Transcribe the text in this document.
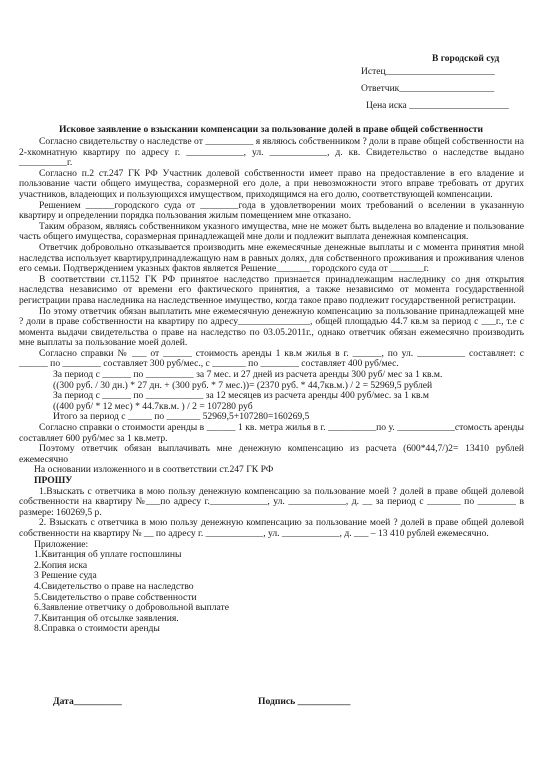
В городской суд
Истец_______________________
Ответчик____________________
Цена иска _____________________
Исковое заявление о взыскании компенсации за пользование долей в праве общей собственности

Согласно свидетельству о наследстве от __________ я являюсь собственником ? доли в праве общей собственности на 2-хкомнатную квартиру по адресу г. ____________, ул. ____________, д. кв. Свидетельство о наследстве выдано __________г.

Согласно п.2 ст.247 ГК РФ Участник долевой собственности имеет право на предоставление в его владение и пользование части общего имущества, соразмерной его доле, а при невозможности этого вправе требовать от других участников, владеющих и пользующихся имуществом, приходящимся на его долю, соответствующей компенсации.

Решением ______городского суда от ________года в удовлетворении моих требований о вселении в указанную квартиру и определении порядка пользования жилым помещением мне отказано.

Таким образом, являясь собственником указного имущества, мне не может быть выделена во владение и пользование часть общего имущества, соразмерная принадлежащей мне доли и подлежит выплата денежная компенсация.

Ответчик добровольно отказывается производить мне ежемесячные денежные выплаты и с момента принятия мной наследства использует квартиру,принадлежащую нам в равных долях, для собственного проживания и проживания членов его семьи. Подтверждением указных фактов является Решение_______ городского суда от _______г.

В соответствии ст.1152 ГК РФ принятое наследство признается принадлежащим наследнику со дня открытия наследства независимо от времени его фактического принятия, а также независимо от момента государственной регистрации права наследника на наследственное имущество, когда такое право подлежит государственной регистрации.

По этому ответчик обязан выплатить мне ежемесячную денежную компенсацию за пользование принадлежащей мне ? доли в праве собственности на квартиру по адресу_______________, общей площадью 44.7 кв.м за период с ___г., т.е с момента выдачи свидетельства о праве на наследство по 03.05.2011г., однако ответчик обязан ежемесячно производить мне выплаты за пользование моей долей.

Согласно справки № ___ от ______ стоимость аренды 1 кв.м жилья в г. ______, по ул. __________ составляет: с ______ по ________ составляет 300 руб/мес., с _______ по ________ составляет 400 руб/мес.

За период с ______ по __________ за 7 мес. и 27 дней из расчета аренды 300 руб/ мес за 1 кв.м.

((300 руб. / 30 дн.) * 27 дн. + (300 руб. * 7 мес.))= (2370 руб. * 44,7кв.м.) / 2 = 52969,5 рублей

За период с ______ по ____________ за 12 месяцев из расчета аренды 400 руб/мес. за 1 кв.м

((400 руб/ * 12 мес) * 44.7кв.м. ) / 2 = 107280 руб

Итого за период с _____ по _______ 52969,5+107280=160269,5

Согласно справки о стоимости аренды в ______ 1 кв. метра жилья в г. __________по у. ____________стомость аренды составляет 600 руб/мес за 1 кв.метр.

Поэтому ответчик обязан выплачивать мне денежную компенсацию из расчета (600*44,7/)2= 13410 рублей ежемесячно

На основании изложенного и в соответствии ст.247 ГК РФ

ПРОШУ

1.Взыскать с ответчика в мою пользу денежную компенсацию за пользование моей ? долей в праве общей долевой собственности на квартиру №___по адресу г.____________, ул. ____________, д. __ за период с _______ по ________ в размере: 160269,5 р.

2. Взыскать с ответчика в мою пользу денежную компенсацию за пользование моей ? долей в праве общей долевой собственности на квартиру № __ по адресу г. ____________, ул. ____________, д. ___ – 13 410 рублей ежемесячно.

Приложение:

1.Квитанция об уплате госпошлины

2.Копия иска

3 Решение суда

4.Свидетельство о праве на наследство

5.Свидетельство о праве собственности

6.Заявление ответчику о добровольной выплате

7.Квитанция об отсылке заявления.

8.Справка о стоимости аренды

Дата__________	Подпись ___________
